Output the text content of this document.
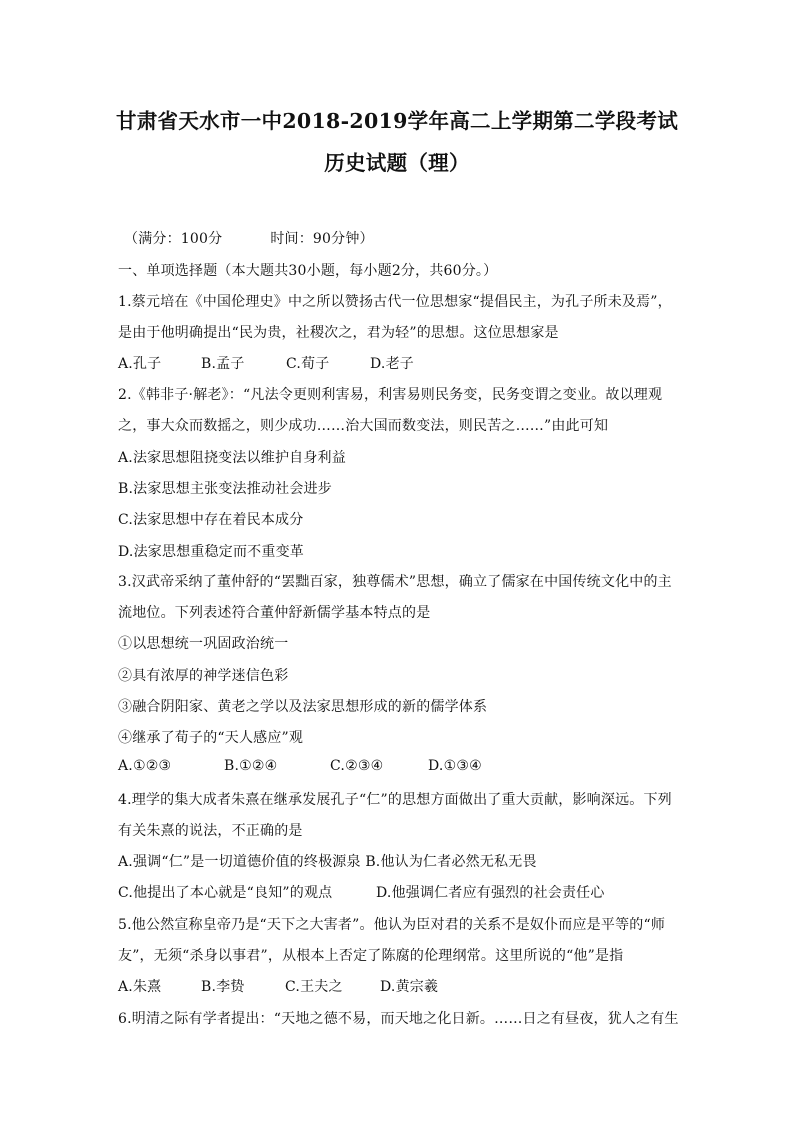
甘肃省天水市一中2018-2019学年高二上学期第二学段考试
历史试题（理）
（满分：100分	时间：90分钟）
一、单项选择题（本大题共30小题，每小题2分，共60分。）
1.蔡元培在《中国伦理史》中之所以赞扬古代一位思想家“提倡民主，为孔子所未及焉”，
是由于他明确提出“民为贵，社稷次之，君为轻”的思想。这位思想家是
A.孔子	B.孟子	C.荀子	D.老子
2.《韩非子·解老》：“凡法令更则利害易，利害易则民务变，民务变谓之变业。故以理观
之，事大众而数摇之，则少成功……治大国而数变法，则民苦之……”由此可知
A.法家思想阻挠变法以维护自身利益
B.法家思想主张变法推动社会进步
C.法家思想中存在着民本成分
D.法家思想重稳定而不重变革
3.汉武帝采纳了董仲舒的“罢黜百家，独尊儒术”思想，确立了儒家在中国传统文化中的主
流地位。下列表述符合董仲舒新儒学基本特点的是
①以思想统一巩固政治统一
②具有浓厚的神学迷信色彩
③融合阴阳家、黄老之学以及法家思想形成的新的儒学体系
④继承了荀子的“天人感应”观
A.①②③	B.①②④	C.②③④	D.①③④
4.理学的集大成者朱熹在继承发展孔子“仁”的思想方面做出了重大贡献，影响深远。下列
有关朱熹的说法，不正确的是
A.强调“仁”是一切道德价值的终极源泉 B.他认为仁者必然无私无畏
C.他提出了本心就是“良知”的观点	D.他强调仁者应有强烈的社会责任心
5.他公然宣称皇帝乃是“天下之大害者”。他认为臣对君的关系不是奴仆而应是平等的“师
友”，无须“杀身以事君”，从根本上否定了陈腐的伦理纲常。这里所说的“他”是指
A.朱熹	B.李贽	C.王夫之	D.黄宗羲
6.明清之际有学者提出：“天地之德不易，而天地之化日新。……日之有昼夜，犹人之有生
